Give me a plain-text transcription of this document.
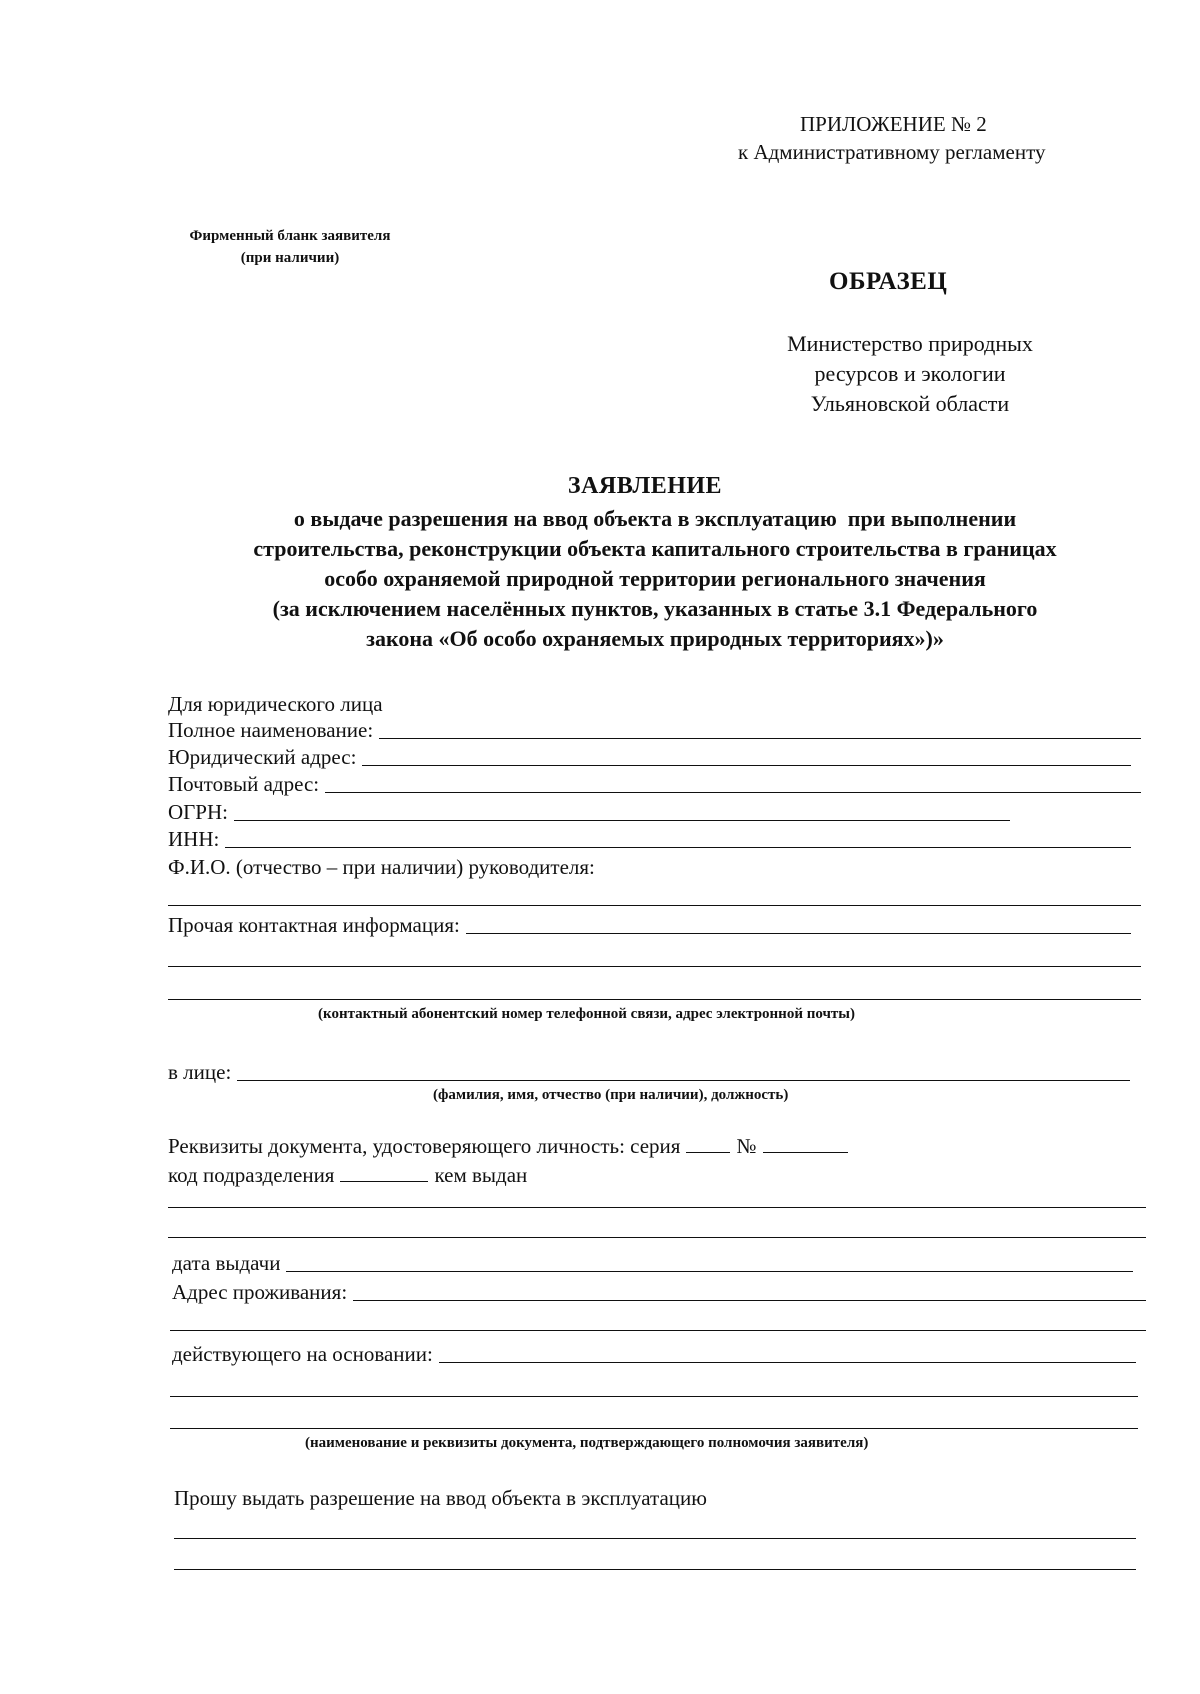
ПРИЛОЖЕНИЕ № 2
к Административному регламенту
Фирменный бланк заявителя
(при наличии)
ОБРАЗЕЦ
Министерство природных
ресурсов и экологии
Ульяновской области
ЗАЯВЛЕНИЕ
о выдаче разрешения на ввод объекта в эксплуатацию  при выполнении
строительства, реконструкции объекта капитального строительства в границах
особо охраняемой природной территории регионального значения
(за исключением населённых пунктов, указанных в статье 3.1 Федерального
закона «Об особо охраняемых природных территориях»)»
Для юридического лица
Полное наименование:
Юридический адрес:
Почтовый адрес:
ОГРН:
ИНН:
Ф.И.О. (отчество – при наличии) руководителя:
Прочая контактная информация:
(контактный абонентский номер телефонной связи, адрес электронной почты)
в лице:
(фамилия, имя, отчество (при наличии), должность)
Реквизиты документа, удостоверяющего личность: серия	№
код подразделения	кем выдан
дата выдачи
Адрес проживания:
действующего на основании:
(наименование и реквизиты документа, подтверждающего полномочия заявителя)
Прошу выдать разрешение на ввод объекта в эксплуатацию
